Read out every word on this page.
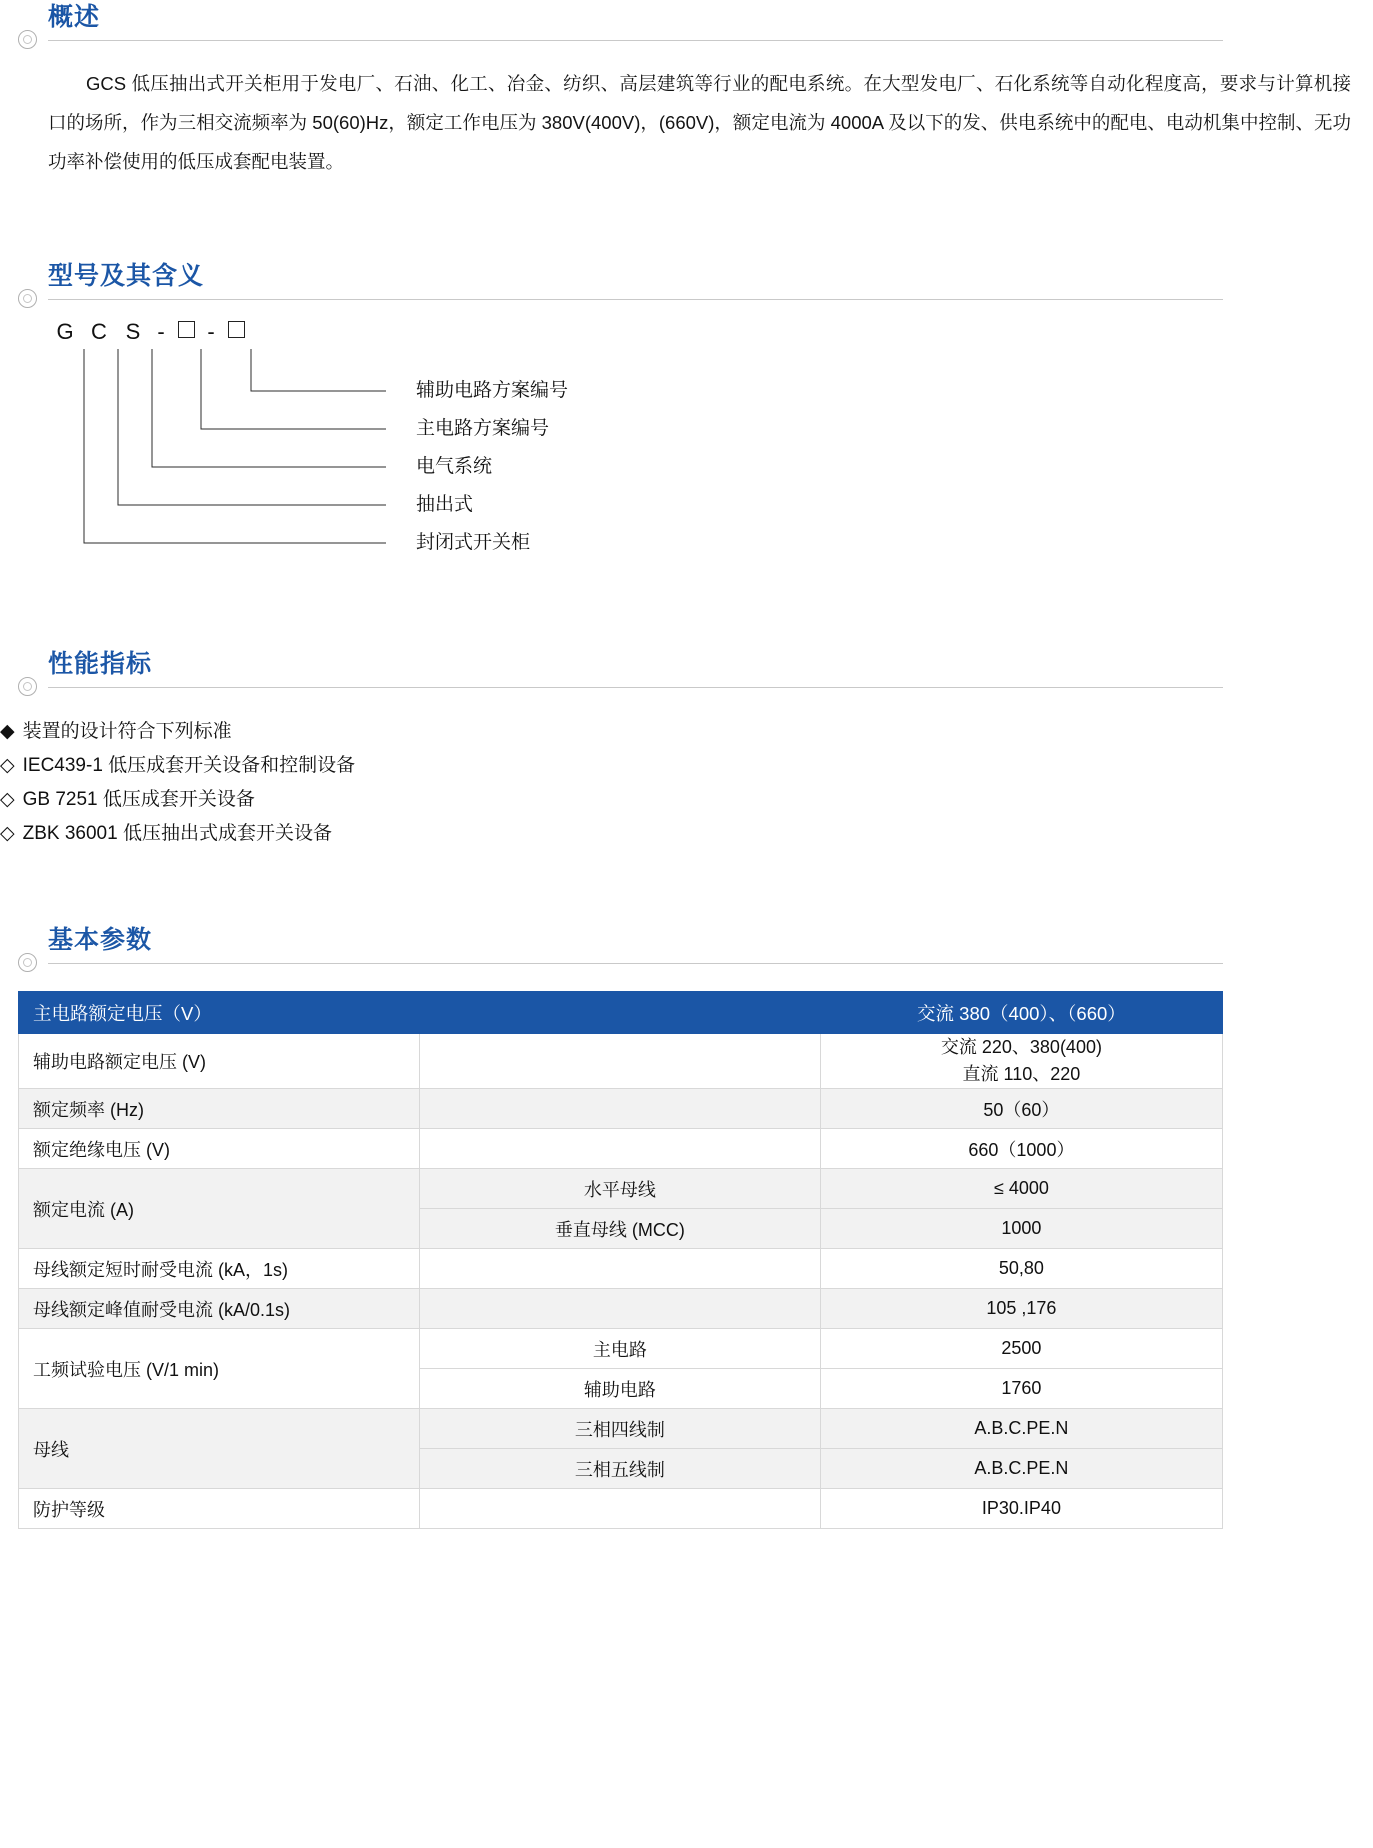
概述

GCS 低压抽出式开关柜用于发电厂、石油、化工、冶金、纺织、高层建筑等行业的配电系统。在大型发电厂、石化系统等自动化程度高，要求与计算机接口的场所，作为三相交流频率为 50(60)Hz，额定工作电压为 380V(400V)，(660V)，额定电流为 4000A 及以下的发、供电系统中的配电、电动机集中控制、无功功率补偿使用的低压成套配电装置。

型号及其含义
G C S - -
辅助电路方案编号
主电路方案编号
电气系统
抽出式
封闭式开关柜
性能指标
◆ 装置的设计符合下列标准
◇ IEC439-1 低压成套开关设备和控制设备
◇ GB 7251 低压成套开关设备
◇ ZBK 36001 低压抽出式成套开关设备
基本参数
主电路额定电压（V）		交流 380（400）、（660）
辅助电路额定电压 (V)		交流 220、380(400)
直流 110、220

额定频率 (Hz)		50（60）
额定绝缘电压 (V)		660（1000）
额定电流 (A)	水平母线	≤ 4000
	垂直母线 (MCC)	1000
母线额定短时耐受电流 (kA，1s)		50,80
母线额定峰值耐受电流 (kA/0.1s)		105 ,176
工频试验电压 (V/1 min)	主电路	2500
	辅助电路	1760
母线	三相四线制	A.B.C.PE.N
	三相五线制	A.B.C.PE.N
防护等级		IP30.IP40
